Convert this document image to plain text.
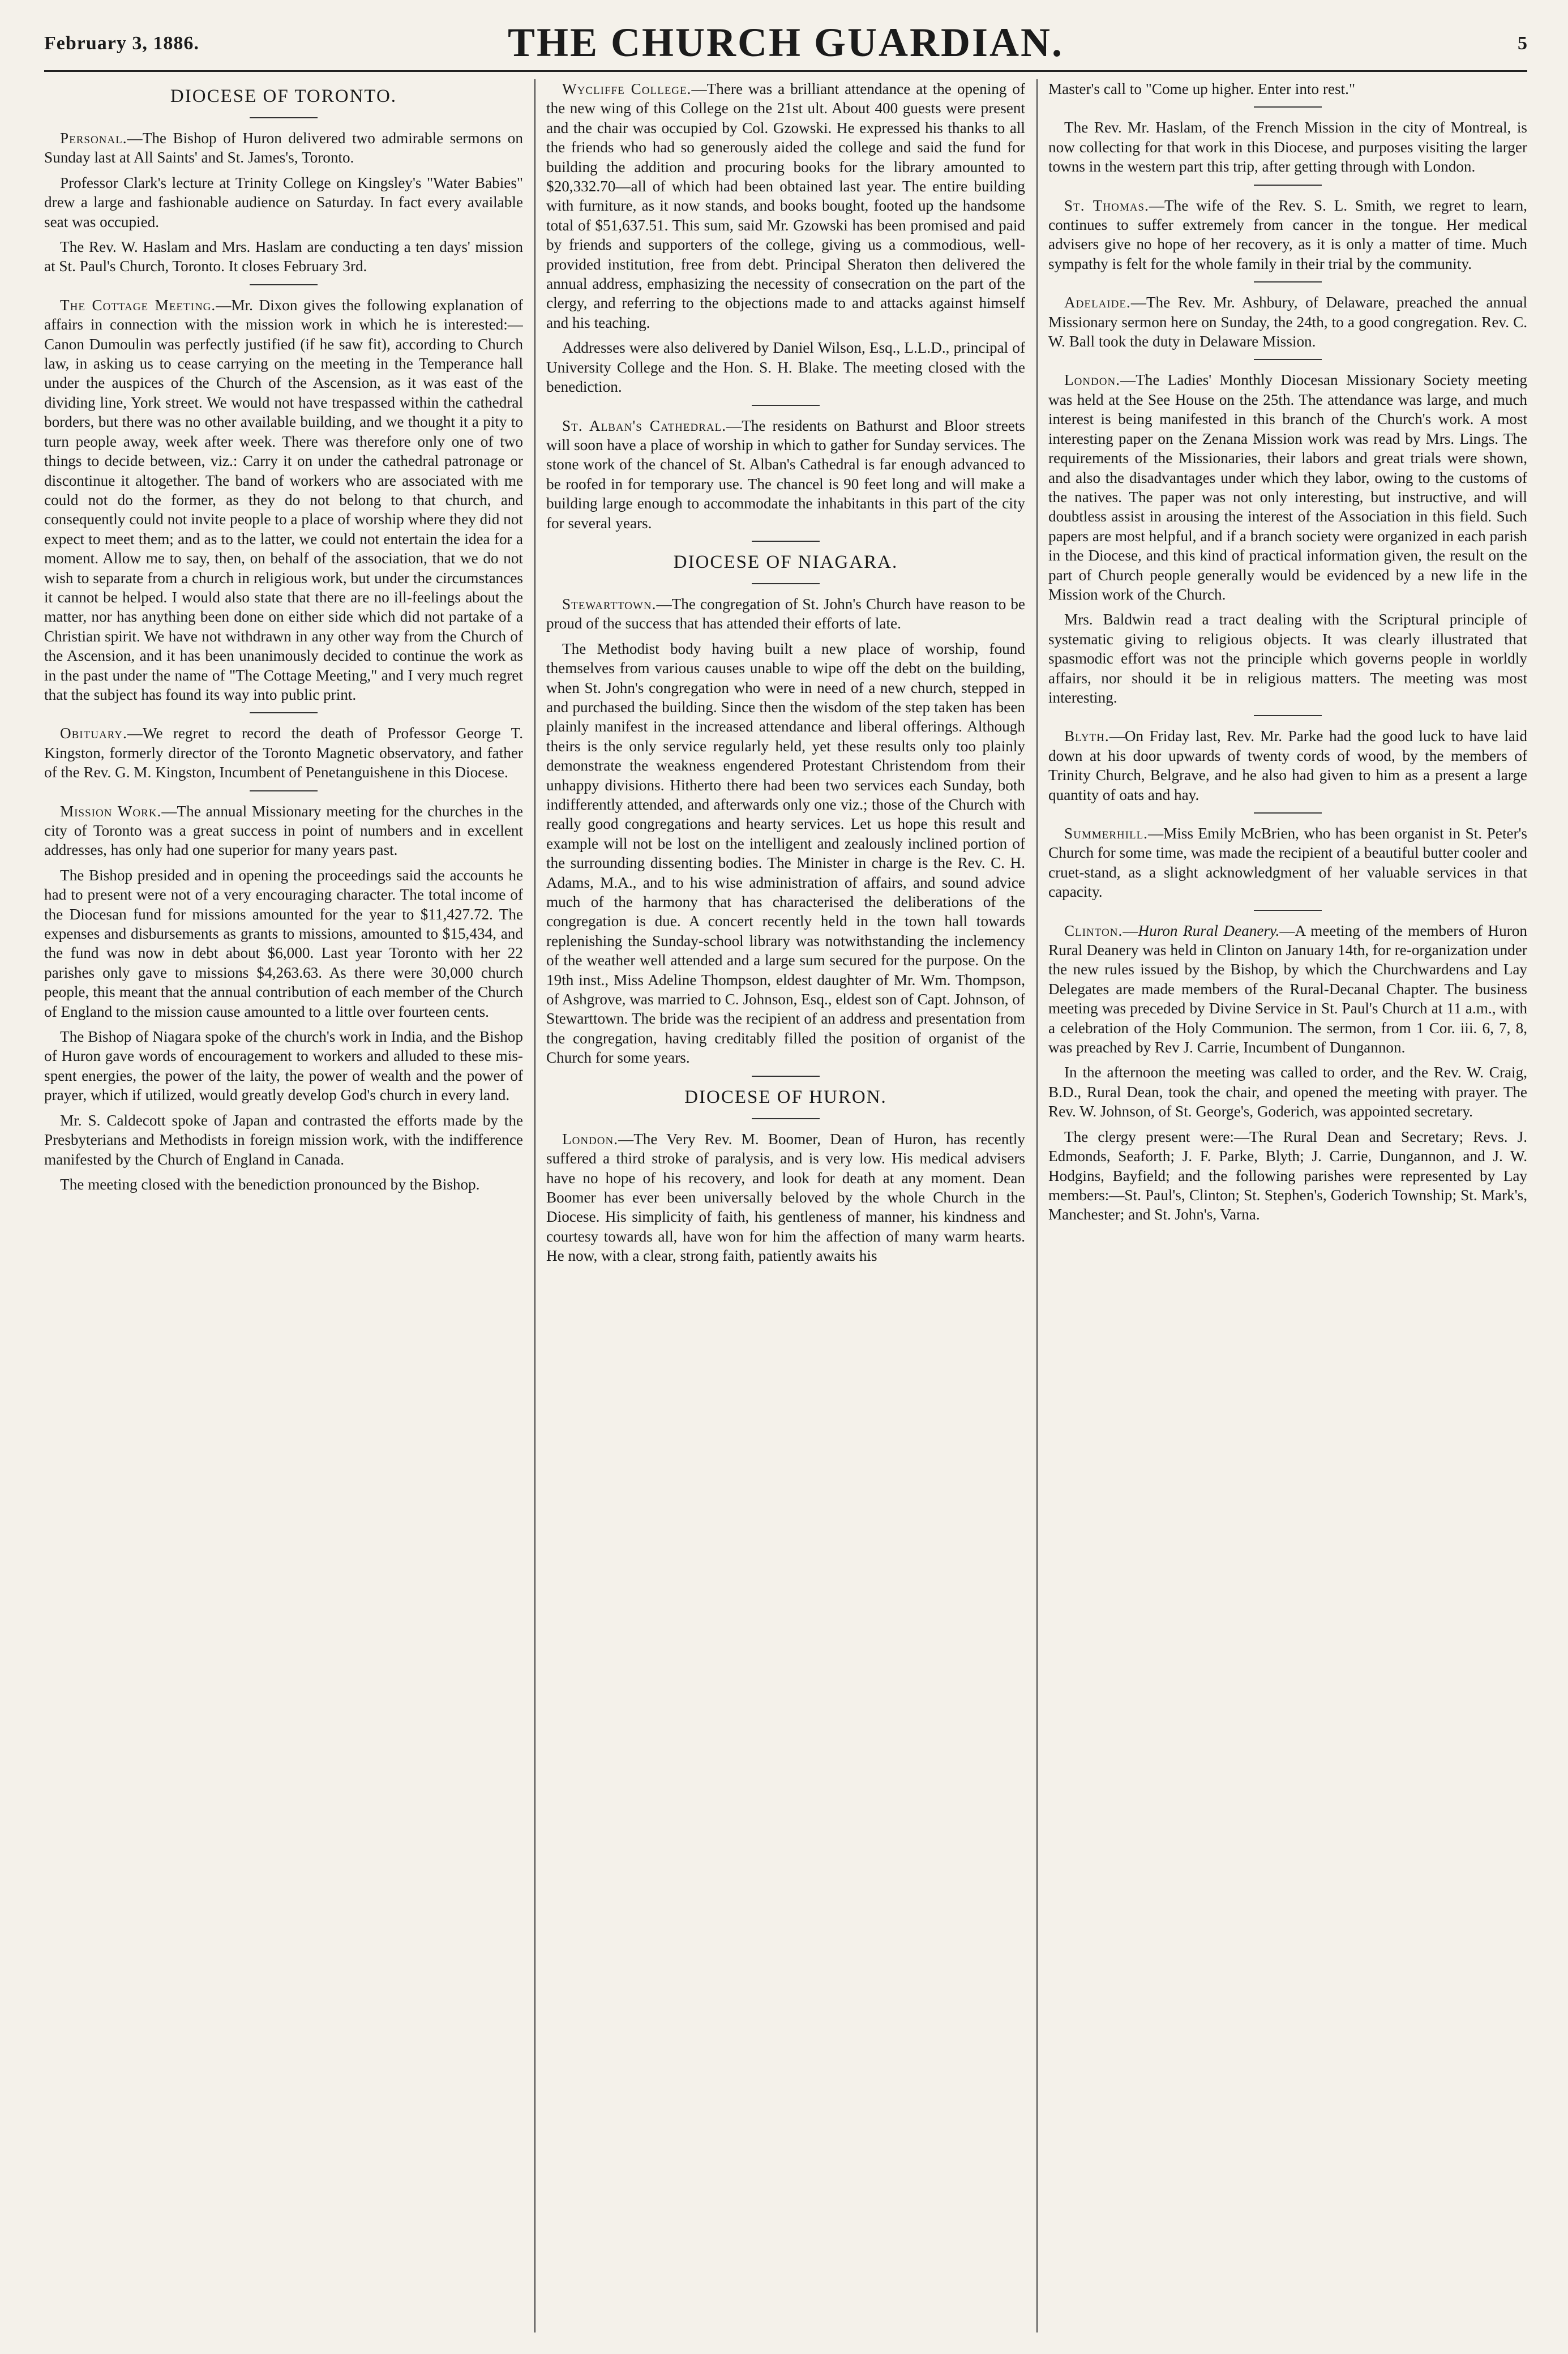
February 3, 1886.	THE CHURCH GUARDIAN.	5
DIOCESE OF TORONTO.

Personal.—The Bishop of Huron delivered two admirable sermons on Sunday last at All Saints' and St. James's, Toronto.

Professor Clark's lecture at Trinity College on Kingsley's "Water Babies" drew a large and fashionable audience on Saturday. In fact every available seat was occupied.

The Rev. W. Haslam and Mrs. Haslam are conducting a ten days' mission at St. Paul's Church, Toronto. It closes February 3rd.

The Cottage Meeting.—Mr. Dixon gives the following explanation of affairs in connection with the mission work in which he is interested:—Canon Dumoulin was perfectly justified (if he saw fit), according to Church law, in asking us to cease carrying on the meeting in the Temperance hall under the auspices of the Church of the Ascension, as it was east of the dividing line, York street. We would not have trespassed within the cathedral borders, but there was no other available building, and we thought it a pity to turn people away, week after week. There was therefore only one of two things to decide between, viz.: Carry it on under the cathedral patronage or discontinue it altogether. The band of workers who are associated with me could not do the former, as they do not belong to that church, and consequently could not invite people to a place of worship where they did not expect to meet them; and as to the latter, we could not entertain the idea for a moment. Allow me to say, then, on behalf of the association, that we do not wish to separate from a church in religious work, but under the circumstances it cannot be helped. I would also state that there are no ill-feelings about the matter, nor has anything been done on either side which did not partake of a Christian spirit. We have not withdrawn in any other way from the Church of the Ascension, and it has been unanimously decided to continue the work as in the past under the name of "The Cottage Meeting," and I very much regret that the subject has found its way into public print.

Obituary.—We regret to record the death of Professor George T. Kingston, formerly director of the Toronto Magnetic observatory, and father of the Rev. G. M. Kingston, Incumbent of Penetanguishene in this Diocese.

Mission Work.—The annual Missionary meeting for the churches in the city of Toronto was a great success in point of numbers and in excellent addresses, has only had one superior for many years past.

The Bishop presided and in opening the proceedings said the accounts he had to present were not of a very encouraging character. The total income of the Diocesan fund for missions amounted for the year to $11,427.72. The expenses and disbursements as grants to missions, amounted to $15,434, and the fund was now in debt about $6,000. Last year Toronto with her 22 parishes only gave to missions $4,263.63. As there were 30,000 church people, this meant that the annual contribution of each member of the Church of England to the mission cause amounted to a little over fourteen cents.

The Bishop of Niagara spoke of the church's work in India, and the Bishop of Huron gave words of encouragement to workers and alluded to these mis-spent energies, the power of the laity, the power of wealth and the power of prayer, which if utilized, would greatly develop God's church in every land.

Mr. S. Caldecott spoke of Japan and contrasted the efforts made by the Presbyterians and Methodists in foreign mission work, with the indifference manifested by the Church of England in Canada.

The meeting closed with the benediction pronounced by the Bishop.

Wycliffe College.—There was a brilliant attendance at the opening of the new wing of this College on the 21st ult. About 400 guests were present and the chair was occupied by Col. Gzowski. He expressed his thanks to all the friends who had so generously aided the college and said the fund for building the addition and procuring books for the library amounted to $20,332.70—all of which had been obtained last year. The entire building with furniture, as it now stands, and books bought, footed up the handsome total of $51,637.51. This sum, said Mr. Gzowski has been promised and paid by friends and supporters of the college, giving us a commodious, well-provided institution, free from debt. Principal Sheraton then delivered the annual address, emphasizing the necessity of consecration on the part of the clergy, and referring to the objections made to and attacks against himself and his teaching.

Addresses were also delivered by Daniel Wilson, Esq., L.L.D., principal of University College and the Hon. S. H. Blake. The meeting closed with the benediction.

St. Alban's Cathedral.—The residents on Bathurst and Bloor streets will soon have a place of worship in which to gather for Sunday services. The stone work of the chancel of St. Alban's Cathedral is far enough advanced to be roofed in for temporary use. The chancel is 90 feet long and will make a building large enough to accommodate the inhabitants in this part of the city for several years.

DIOCESE OF NIAGARA.

Stewarttown.—The congregation of St. John's Church have reason to be proud of the success that has attended their efforts of late.

The Methodist body having built a new place of worship, found themselves from various causes unable to wipe off the debt on the building, when St. John's congregation who were in need of a new church, stepped in and purchased the building. Since then the wisdom of the step taken has been plainly manifest in the increased attendance and liberal offerings. Although theirs is the only service regularly held, yet these results only too plainly demonstrate the weakness engendered Protestant Christendom from their unhappy divisions. Hitherto there had been two services each Sunday, both indifferently attended, and afterwards only one viz.; those of the Church with really good congregations and hearty services. Let us hope this result and example will not be lost on the intelligent and zealously inclined portion of the surrounding dissenting bodies. The Minister in charge is the Rev. C. H. Adams, M.A., and to his wise administration of affairs, and sound advice much of the harmony that has characterised the deliberations of the congregation is due. A concert recently held in the town hall towards replenishing the Sunday-school library was notwithstanding the inclemency of the weather well attended and a large sum secured for the purpose. On the 19th inst., Miss Adeline Thompson, eldest daughter of Mr. Wm. Thompson, of Ashgrove, was married to C. Johnson, Esq., eldest son of Capt. Johnson, of Stewarttown. The bride was the recipient of an address and presentation from the congregation, having creditably filled the position of organist of the Church for some years.

DIOCESE OF HURON.

London.—The Very Rev. M. Boomer, Dean of Huron, has recently suffered a third stroke of paralysis, and is very low. His medical advisers have no hope of his recovery, and look for death at any moment. Dean Boomer has ever been universally beloved by the whole Church in the Diocese. His simplicity of faith, his gentleness of manner, his kindness and courtesy towards all, have won for him the affection of many warm hearts. He now, with a clear, strong faith, patiently awaits his

Master's call to "Come up higher. Enter into rest."

The Rev. Mr. Haslam, of the French Mission in the city of Montreal, is now collecting for that work in this Diocese, and purposes visiting the larger towns in the western part this trip, after getting through with London.

St. Thomas.—The wife of the Rev. S. L. Smith, we regret to learn, continues to suffer extremely from cancer in the tongue. Her medical advisers give no hope of her recovery, as it is only a matter of time. Much sympathy is felt for the whole family in their trial by the community.

Adelaide.—The Rev. Mr. Ashbury, of Delaware, preached the annual Missionary sermon here on Sunday, the 24th, to a good congregation. Rev. C. W. Ball took the duty in Delaware Mission.

London.—The Ladies' Monthly Diocesan Missionary Society meeting was held at the See House on the 25th. The attendance was large, and much interest is being manifested in this branch of the Church's work. A most interesting paper on the Zenana Mission work was read by Mrs. Lings. The requirements of the Missionaries, their labors and great trials were shown, and also the disadvantages under which they labor, owing to the customs of the natives. The paper was not only interesting, but instructive, and will doubtless assist in arousing the interest of the Association in this field. Such papers are most helpful, and if a branch society were organized in each parish in the Diocese, and this kind of practical information given, the result on the part of Church people generally would be evidenced by a new life in the Mission work of the Church.

Mrs. Baldwin read a tract dealing with the Scriptural principle of systematic giving to religious objects. It was clearly illustrated that spasmodic effort was not the principle which governs people in worldly affairs, nor should it be in religious matters. The meeting was most interesting.

Blyth.—On Friday last, Rev. Mr. Parke had the good luck to have laid down at his door upwards of twenty cords of wood, by the members of Trinity Church, Belgrave, and he also had given to him as a present a large quantity of oats and hay.

Summerhill.—Miss Emily McBrien, who has been organist in St. Peter's Church for some time, was made the recipient of a beautiful butter cooler and cruet-stand, as a slight acknowledgment of her valuable services in that capacity.

Clinton.—Huron Rural Deanery.—A meeting of the members of Huron Rural Deanery was held in Clinton on January 14th, for re-organization under the new rules issued by the Bishop, by which the Churchwardens and Lay Delegates are made members of the Rural-Decanal Chapter. The business meeting was preceded by Divine Service in St. Paul's Church at 11 a.m., with a celebration of the Holy Communion. The sermon, from 1 Cor. iii. 6, 7, 8, was preached by Rev J. Carrie, Incumbent of Dungannon.

In the afternoon the meeting was called to order, and the Rev. W. Craig, B.D., Rural Dean, took the chair, and opened the meeting with prayer. The Rev. W. Johnson, of St. George's, Goderich, was appointed secretary.

The clergy present were:—The Rural Dean and Secretary; Revs. J. Edmonds, Seaforth; J. F. Parke, Blyth; J. Carrie, Dungannon, and J. W. Hodgins, Bayfield; and the following parishes were represented by Lay members:—St. Paul's, Clinton; St. Stephen's, Goderich Township; St. Mark's, Manchester; and St. John's, Varna.
